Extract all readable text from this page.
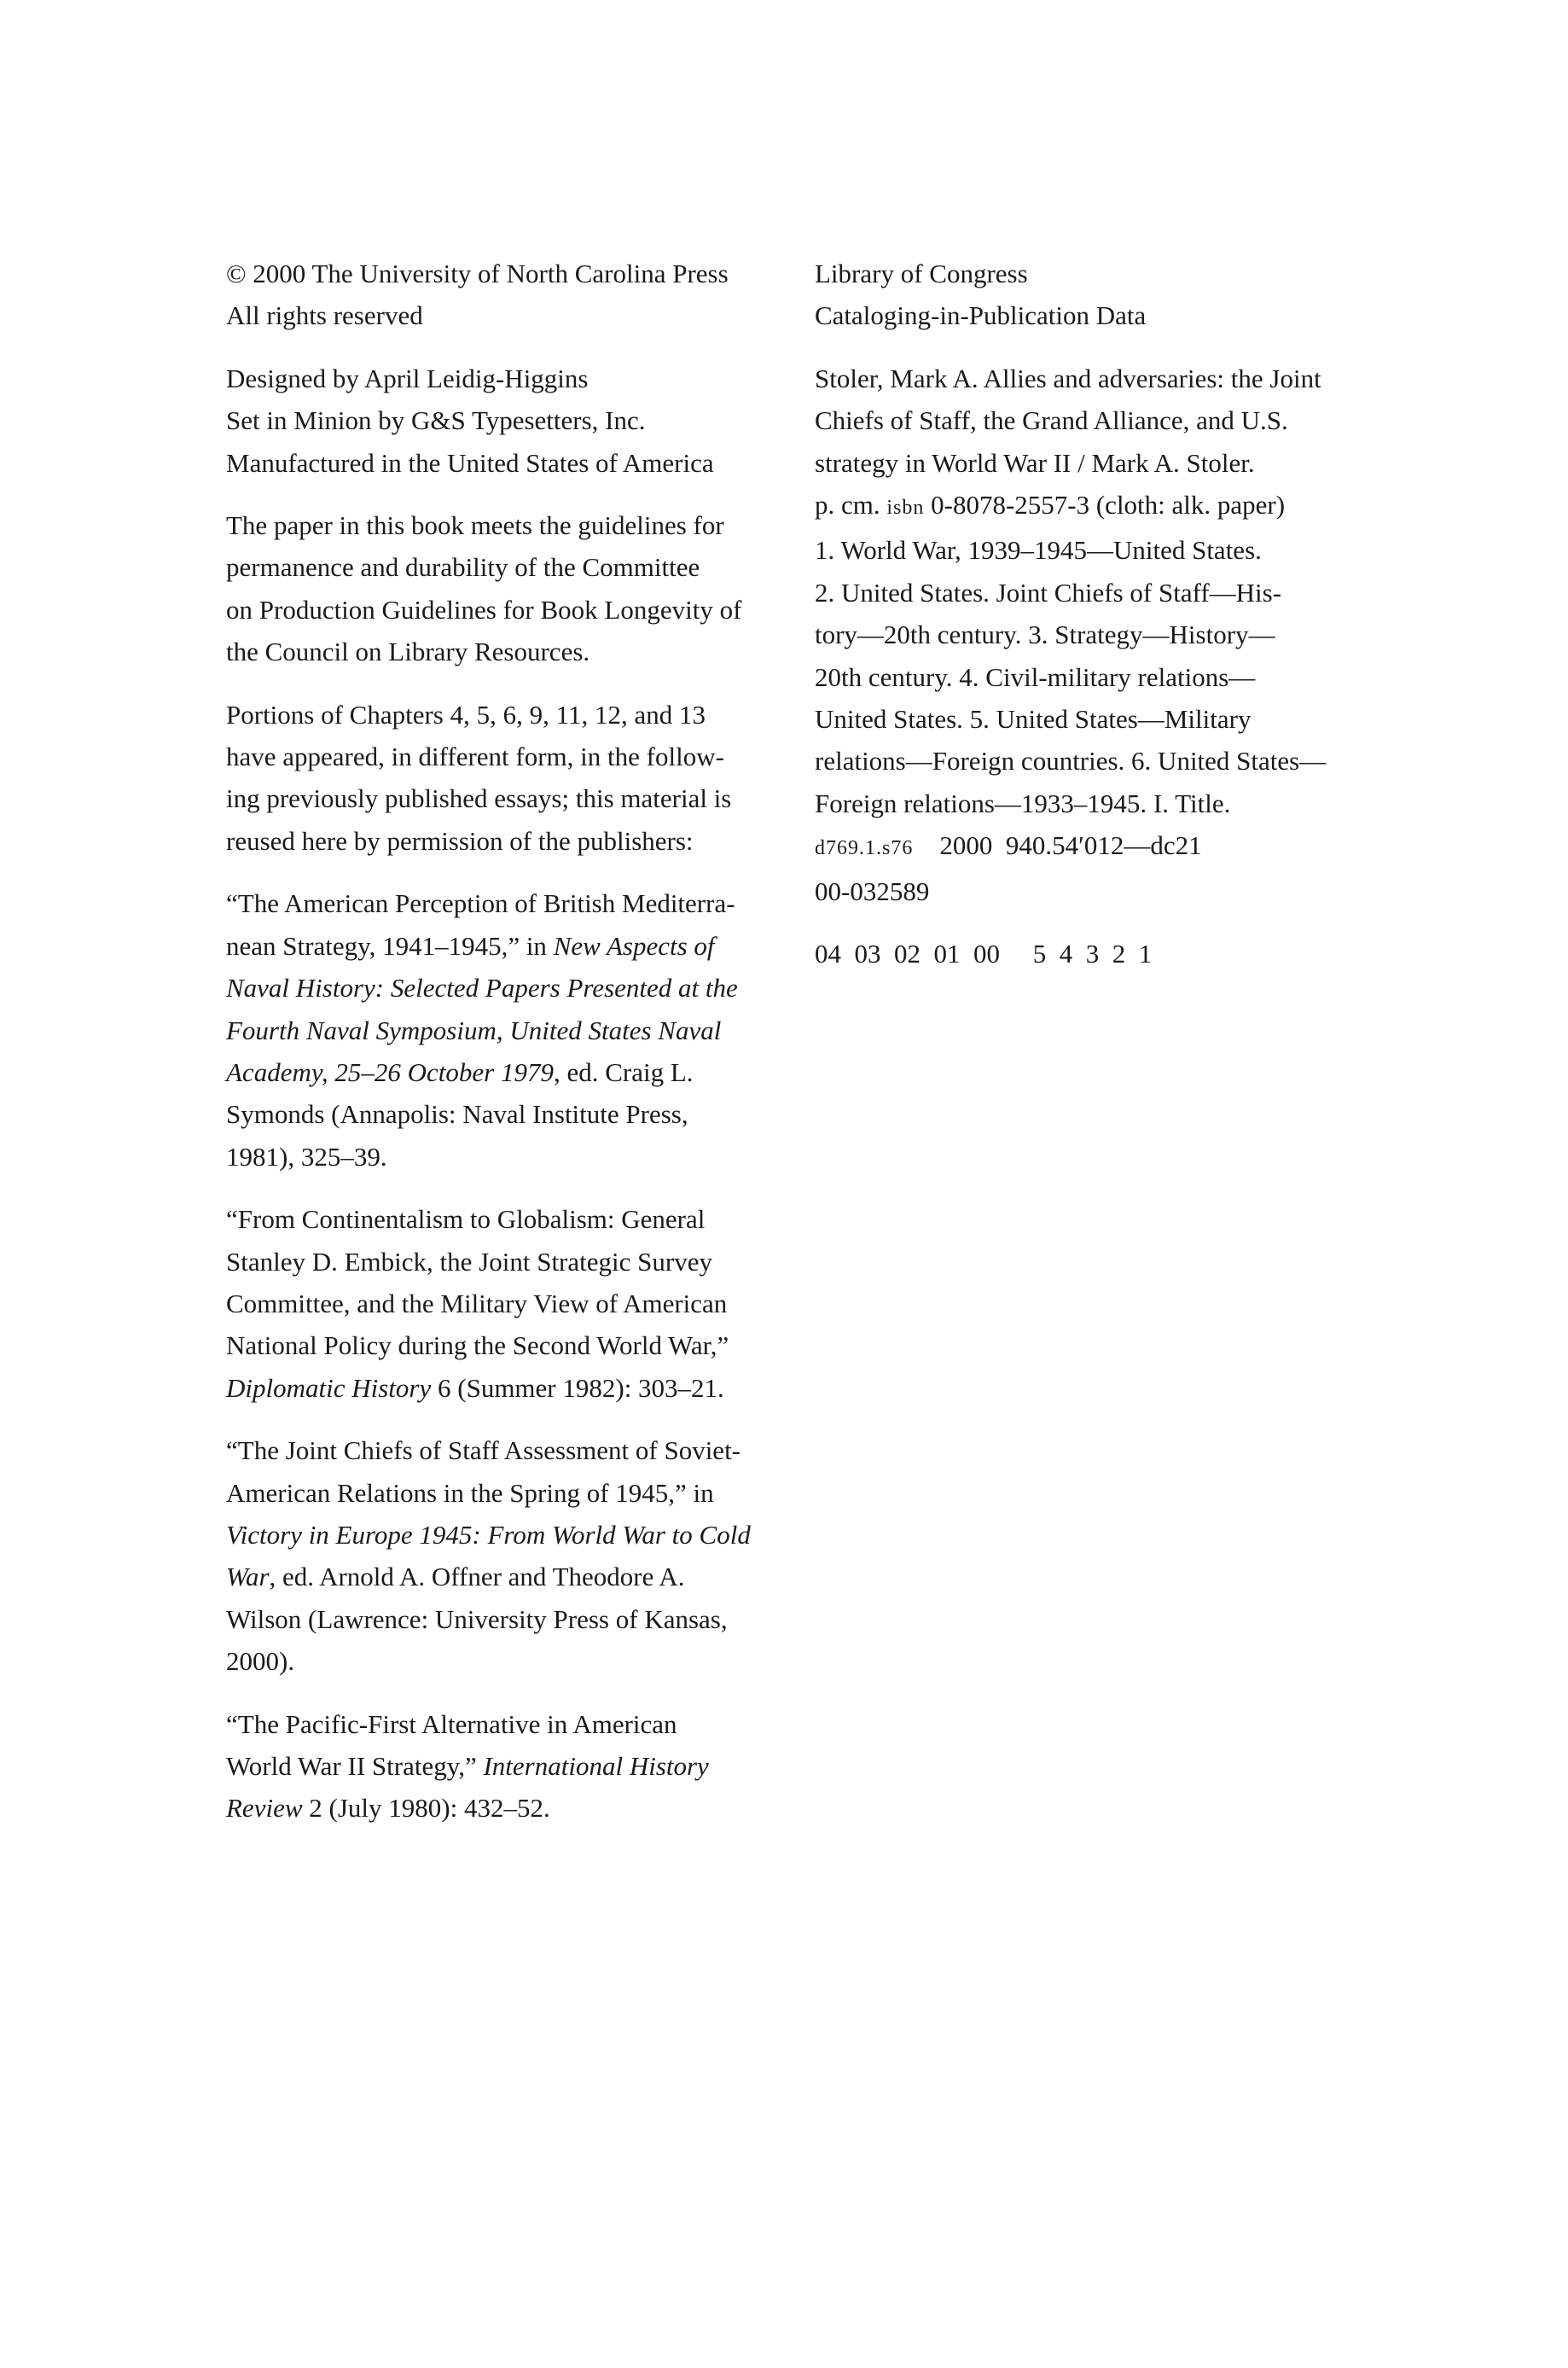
© 2000 The University of North Carolina Press
All rights reserved
Designed by April Leidig-Higgins
Set in Minion by G&S Typesetters, Inc.
Manufactured in the United States of America
The paper in this book meets the guidelines for
permanence and durability of the Committee
on Production Guidelines for Book Longevity of
the Council on Library Resources.
Portions of Chapters 4, 5, 6, 9, 11, 12, and 13
have appeared, in different form, in the follow-
ing previously published essays; this material is
reused here by permission of the publishers:
“The American Perception of British Mediterra-
nean Strategy, 1941–1945,” in New Aspects of
Naval History: Selected Papers Presented at the
Fourth Naval Symposium, United States Naval
Academy, 25–26 October 1979, ed. Craig L.
Symonds (Annapolis: Naval Institute Press,
1981), 325–39.
“From Continentalism to Globalism: General
Stanley D. Embick, the Joint Strategic Survey
Committee, and the Military View of American
National Policy during the Second World War,”
Diplomatic History 6 (Summer 1982): 303–21.
“The Joint Chiefs of Staff Assessment of Soviet-
American Relations in the Spring of 1945,” in
Victory in Europe 1945: From World War to Cold
War, ed. Arnold A. Offner and Theodore A.
Wilson (Lawrence: University Press of Kansas,
2000).
“The Pacific-First Alternative in American
World War II Strategy,” International History
Review 2 (July 1980): 432–52.
Library of Congress
Cataloging-in-Publication Data
Stoler, Mark A. Allies and adversaries: the Joint
Chiefs of Staff, the Grand Alliance, and U.S.
strategy in World War II / Mark A. Stoler.
p. cm. isbn 0-8078-2557-3 (cloth: alk. paper)
1. World War, 1939–1945—United States.
2. United States. Joint Chiefs of Staff—His-
tory—20th century. 3. Strategy—History—
20th century. 4. Civil-military relations—
United States. 5. United States—Military
relations—Foreign countries. 6. United States—
Foreign relations—1933–1945. I. Title.
d769.1.s76    2000  940.54′012—dc21
00-032589
04  03  02  01  00     5  4  3  2  1
